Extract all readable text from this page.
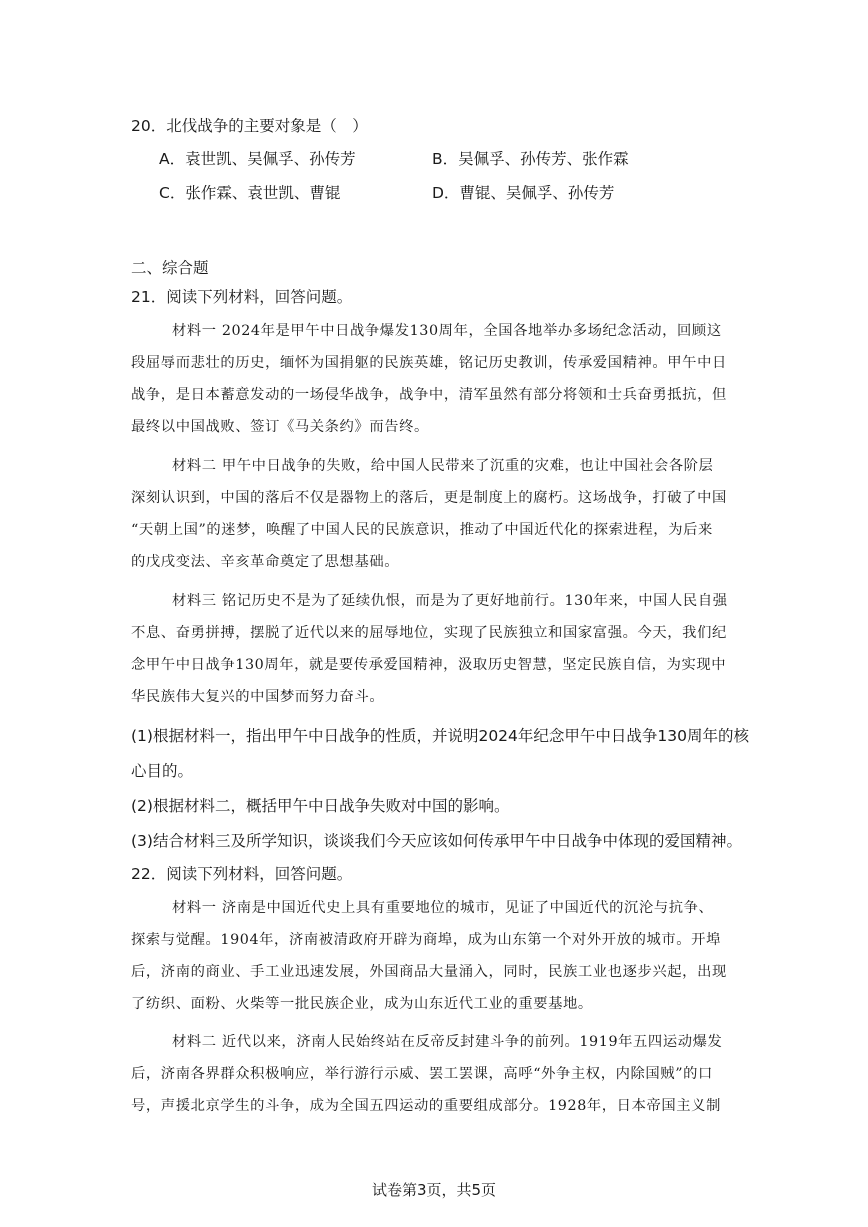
20．北伐战争的主要对象是（　）
A．袁世凯、吴佩孚、孙传芳	B．吴佩孚、孙传芳、张作霖
C．张作霖、袁世凯、曹锟	D．曹锟、吴佩孚、孙传芳
二、综合题
21．阅读下列材料，回答问题。
材料一 2024年是甲午中日战争爆发130周年，全国各地举办多场纪念活动，回顾这
段屈辱而悲壮的历史，缅怀为国捐躯的民族英雄，铭记历史教训，传承爱国精神。甲午中日
战争，是日本蓄意发动的一场侵华战争，战争中，清军虽然有部分将领和士兵奋勇抵抗，但
最终以中国战败、签订《马关条约》而告终。
材料二 甲午中日战争的失败，给中国人民带来了沉重的灾难，也让中国社会各阶层
深刻认识到，中国的落后不仅是器物上的落后，更是制度上的腐朽。这场战争，打破了中国
“天朝上国”的迷梦，唤醒了中国人民的民族意识，推动了中国近代化的探索进程，为后来
的戊戌变法、辛亥革命奠定了思想基础。
材料三 铭记历史不是为了延续仇恨，而是为了更好地前行。130年来，中国人民自强
不息、奋勇拼搏，摆脱了近代以来的屈辱地位，实现了民族独立和国家富强。今天，我们纪
念甲午中日战争130周年，就是要传承爱国精神，汲取历史智慧，坚定民族自信，为实现中
华民族伟大复兴的中国梦而努力奋斗。
(1)根据材料一，指出甲午中日战争的性质，并说明2024年纪念甲午中日战争130周年的核
心目的。
(2)根据材料二，概括甲午中日战争失败对中国的影响。
(3)结合材料三及所学知识，谈谈我们今天应该如何传承甲午中日战争中体现的爱国精神。
22．阅读下列材料，回答问题。
材料一 济南是中国近代史上具有重要地位的城市，见证了中国近代的沉沦与抗争、
探索与觉醒。1904年，济南被清政府开辟为商埠，成为山东第一个对外开放的城市。开埠
后，济南的商业、手工业迅速发展，外国商品大量涌入，同时，民族工业也逐步兴起，出现
了纺织、面粉、火柴等一批民族企业，成为山东近代工业的重要基地。
材料二 近代以来，济南人民始终站在反帝反封建斗争的前列。1919年五四运动爆发
后，济南各界群众积极响应，举行游行示威、罢工罢课，高呼“外争主权，内除国贼”的口
号，声援北京学生的斗争，成为全国五四运动的重要组成部分。1928年，日本帝国主义制
试卷第3页，共5页
